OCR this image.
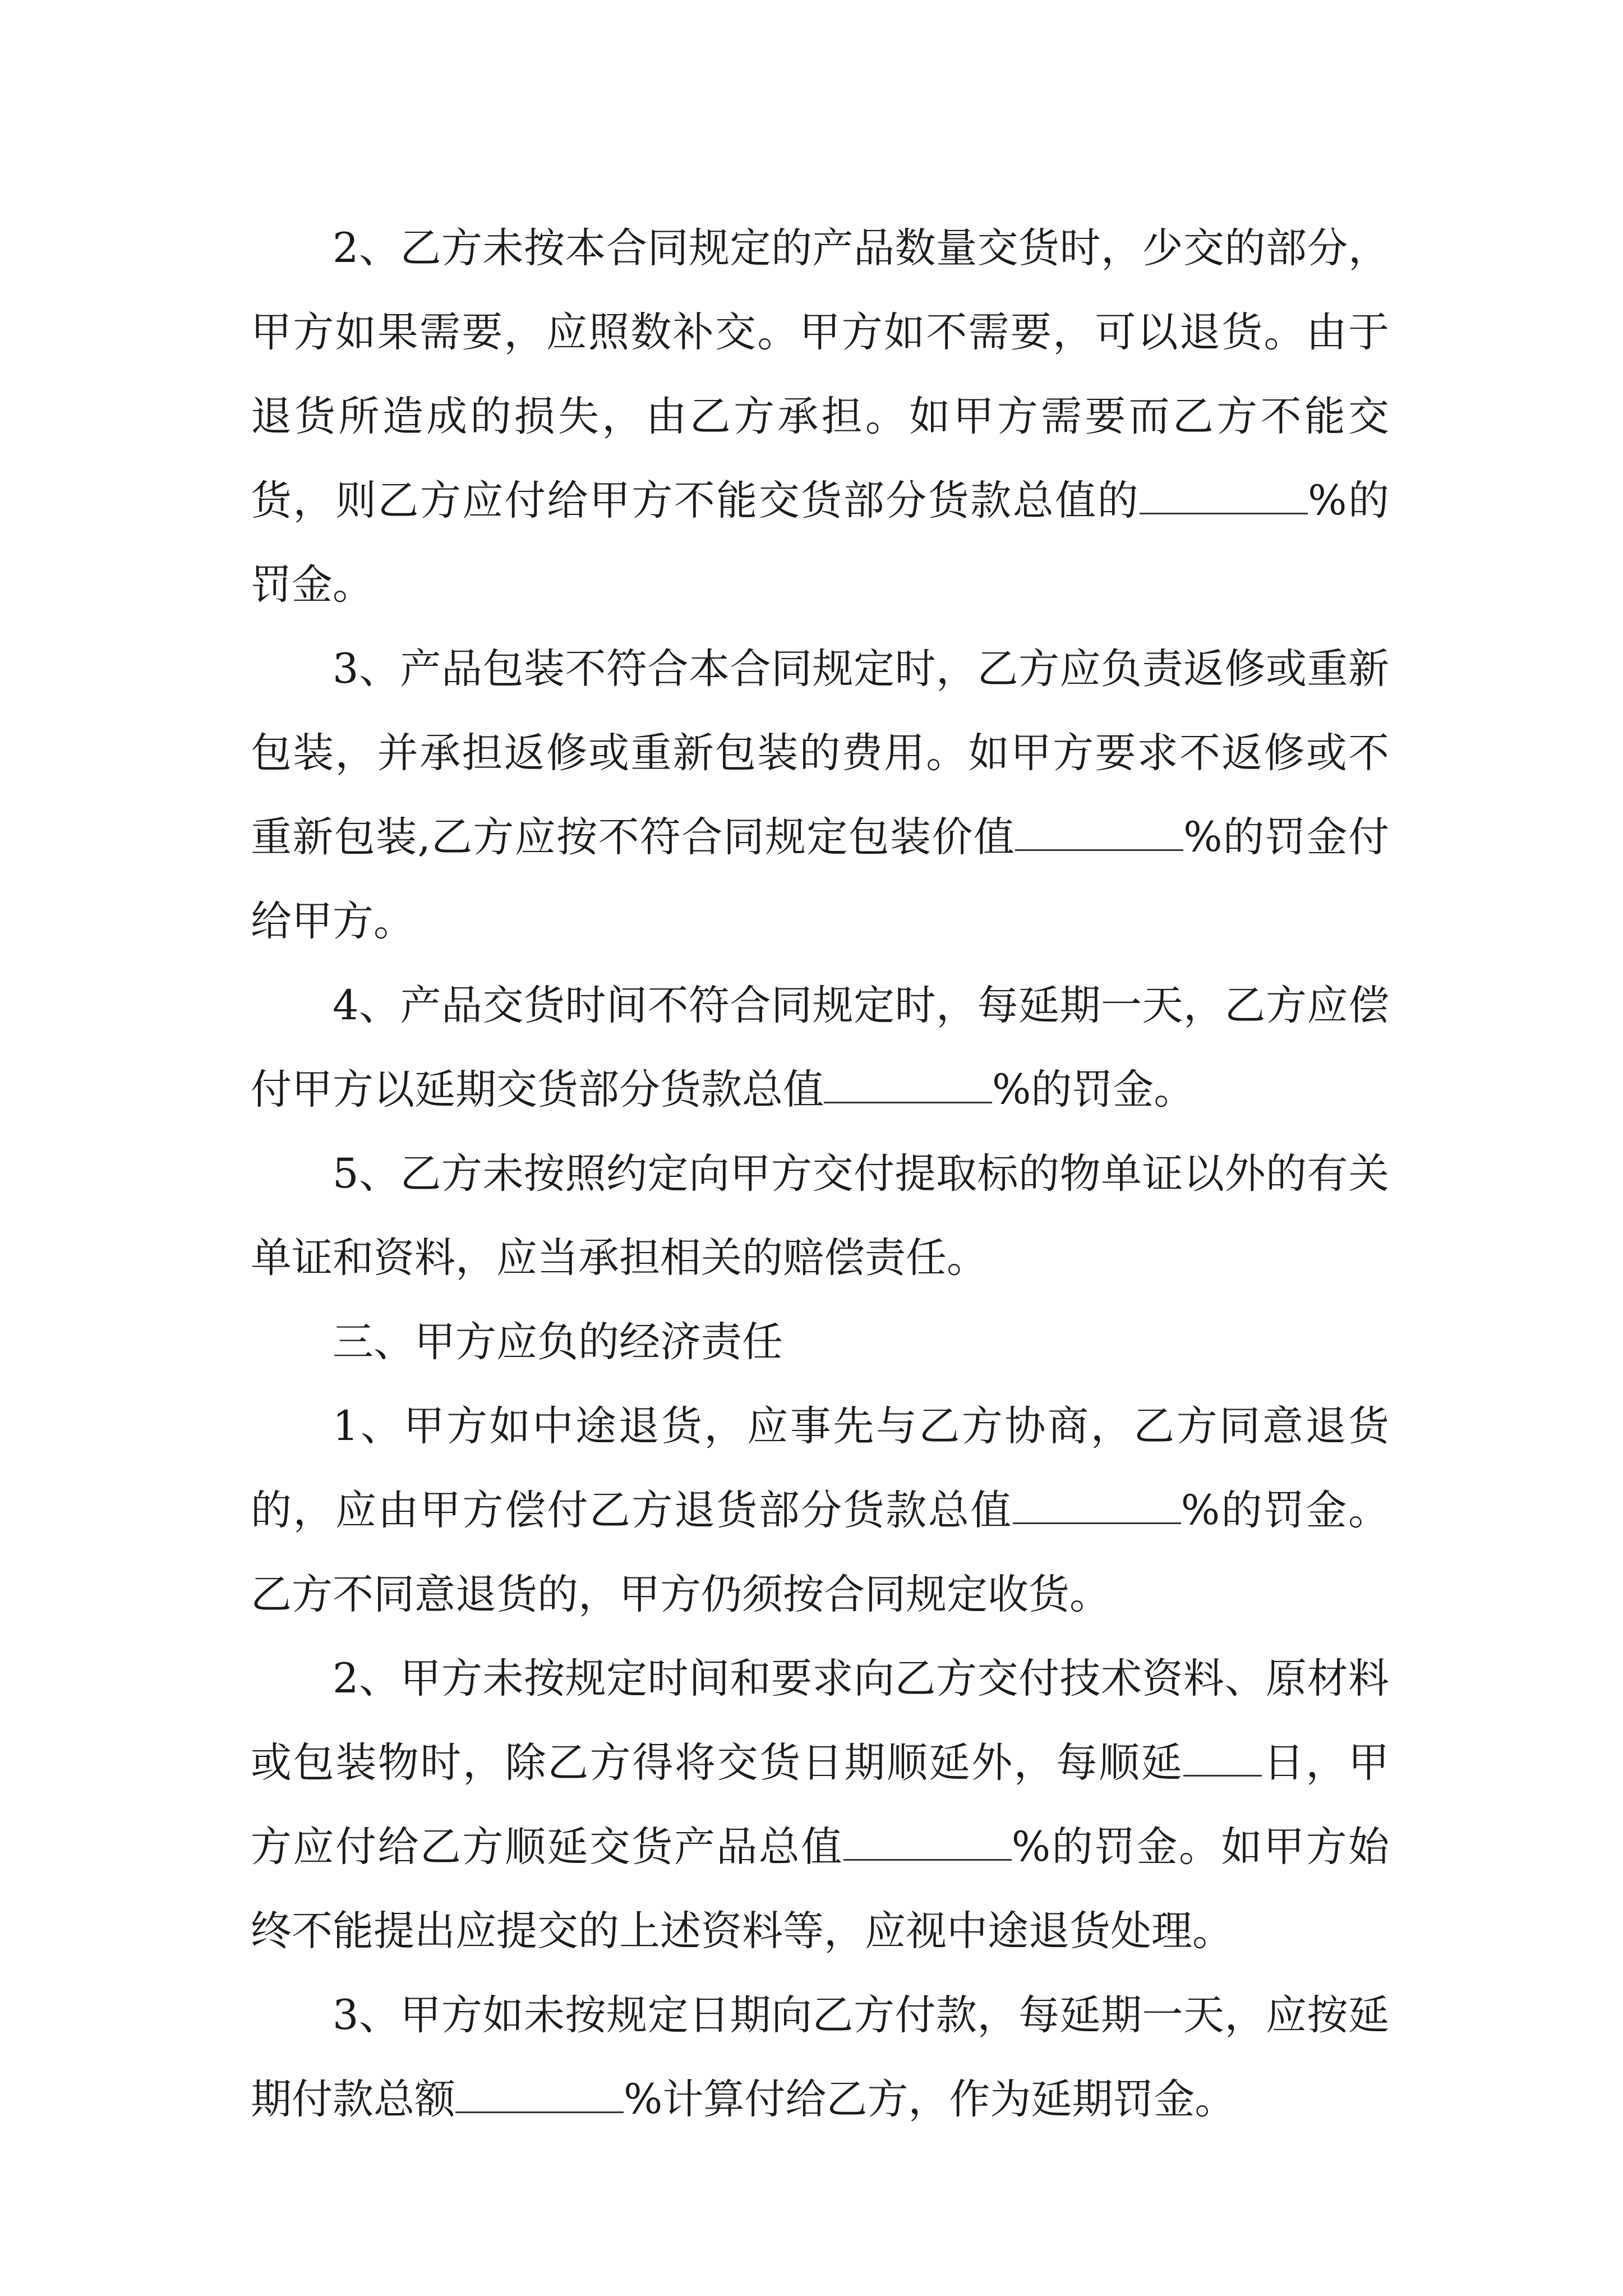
2、乙方未按本合同规定的产品数量交货时，少交的部分，甲方如果需要，应照数补交。甲方如不需要，可以退货。由于退货所造成的损失，由乙方承担。如甲方需要而乙方不能交货，则乙方应付给甲方不能交货部分货款总值的	%的罚金。

3、产品包装不符合本合同规定时，乙方应负责返修或重新包装，并承担返修或重新包装的费用。如甲方要求不返修或不重新包装,乙方应按不符合同规定包装价值	%的罚金付给甲方。

4、产品交货时间不符合同规定时，每延期一天，乙方应偿付甲方以延期交货部分货款总值	%的罚金。

5、乙方未按照约定向甲方交付提取标的物单证以外的有关单证和资料，应当承担相关的赔偿责任。

三、甲方应负的经济责任

1、甲方如中途退货，应事先与乙方协商，乙方同意退货的，应由甲方偿付乙方退货部分货款总值	%的罚金。乙方不同意退货的，甲方仍须按合同规定收货。

2、甲方未按规定时间和要求向乙方交付技术资料、原材料或包装物时，除乙方得将交货日期顺延外，每顺延 日，甲方应付给乙方顺延交货产品总值	%的罚金。如甲方始终不能提出应提交的上述资料等，应视中途退货处理。

3、甲方如未按规定日期向乙方付款，每延期一天，应按延期付款总额	%计算付给乙方，作为延期罚金。
